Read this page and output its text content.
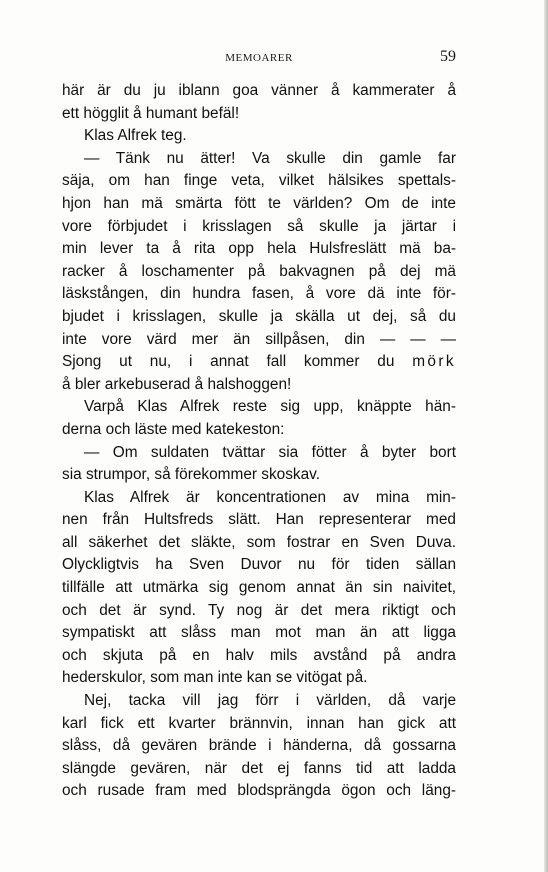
MEMOARER	59
här är du ju iblann goa vänner å kammerater å
ett högglit å humant befäl!
Klas Alfrek teg.
— Tänk nu ätter! Va skulle din gamle far
säja, om han finge veta, vilket hälsikes spettals-
hjon han mä smärta fött te världen? Om de inte
vore förbjudet i krisslagen så skulle ja järtar i
min lever ta å rita opp hela Hulsfreslätt mä ba-
racker å loschamenter på bakvagnen på dej mä
läskstången, din hundra fasen, å vore dä inte för-
bjudet i krisslagen, skulle ja skälla ut dej, så du
inte vore värd mer än sillpåsen, din — — —
Sjong ut nu, i annat fall kommer du mörk
å bler arkebuserad å halshoggen!
Varpå Klas Alfrek reste sig upp, knäppte hän-
derna och läste med katekeston:
— Om suldaten tvättar sia fötter å byter bort
sia strumpor, så förekommer skoskav.
Klas Alfrek är koncentrationen av mina min-
nen från Hultsfreds slätt. Han representerar med
all säkerhet det släkte, som fostrar en Sven Duva.
Olyckligtvis ha Sven Duvor nu för tiden sällan
tillfälle att utmärka sig genom annat än sin naivitet,
och det är synd. Ty nog är det mera riktigt och
sympatiskt att slåss man mot man än att ligga
och skjuta på en halv mils avstånd på andra
hederskulor, som man inte kan se vitögat på.
Nej, tacka vill jag förr i världen, då varje
karl fick ett kvarter brännvin, innan han gick att
slåss, då gevären brände i händerna, då gossarna
slängde gevären, när det ej fanns tid att ladda
och rusade fram med blodsprängda ögon och läng-
